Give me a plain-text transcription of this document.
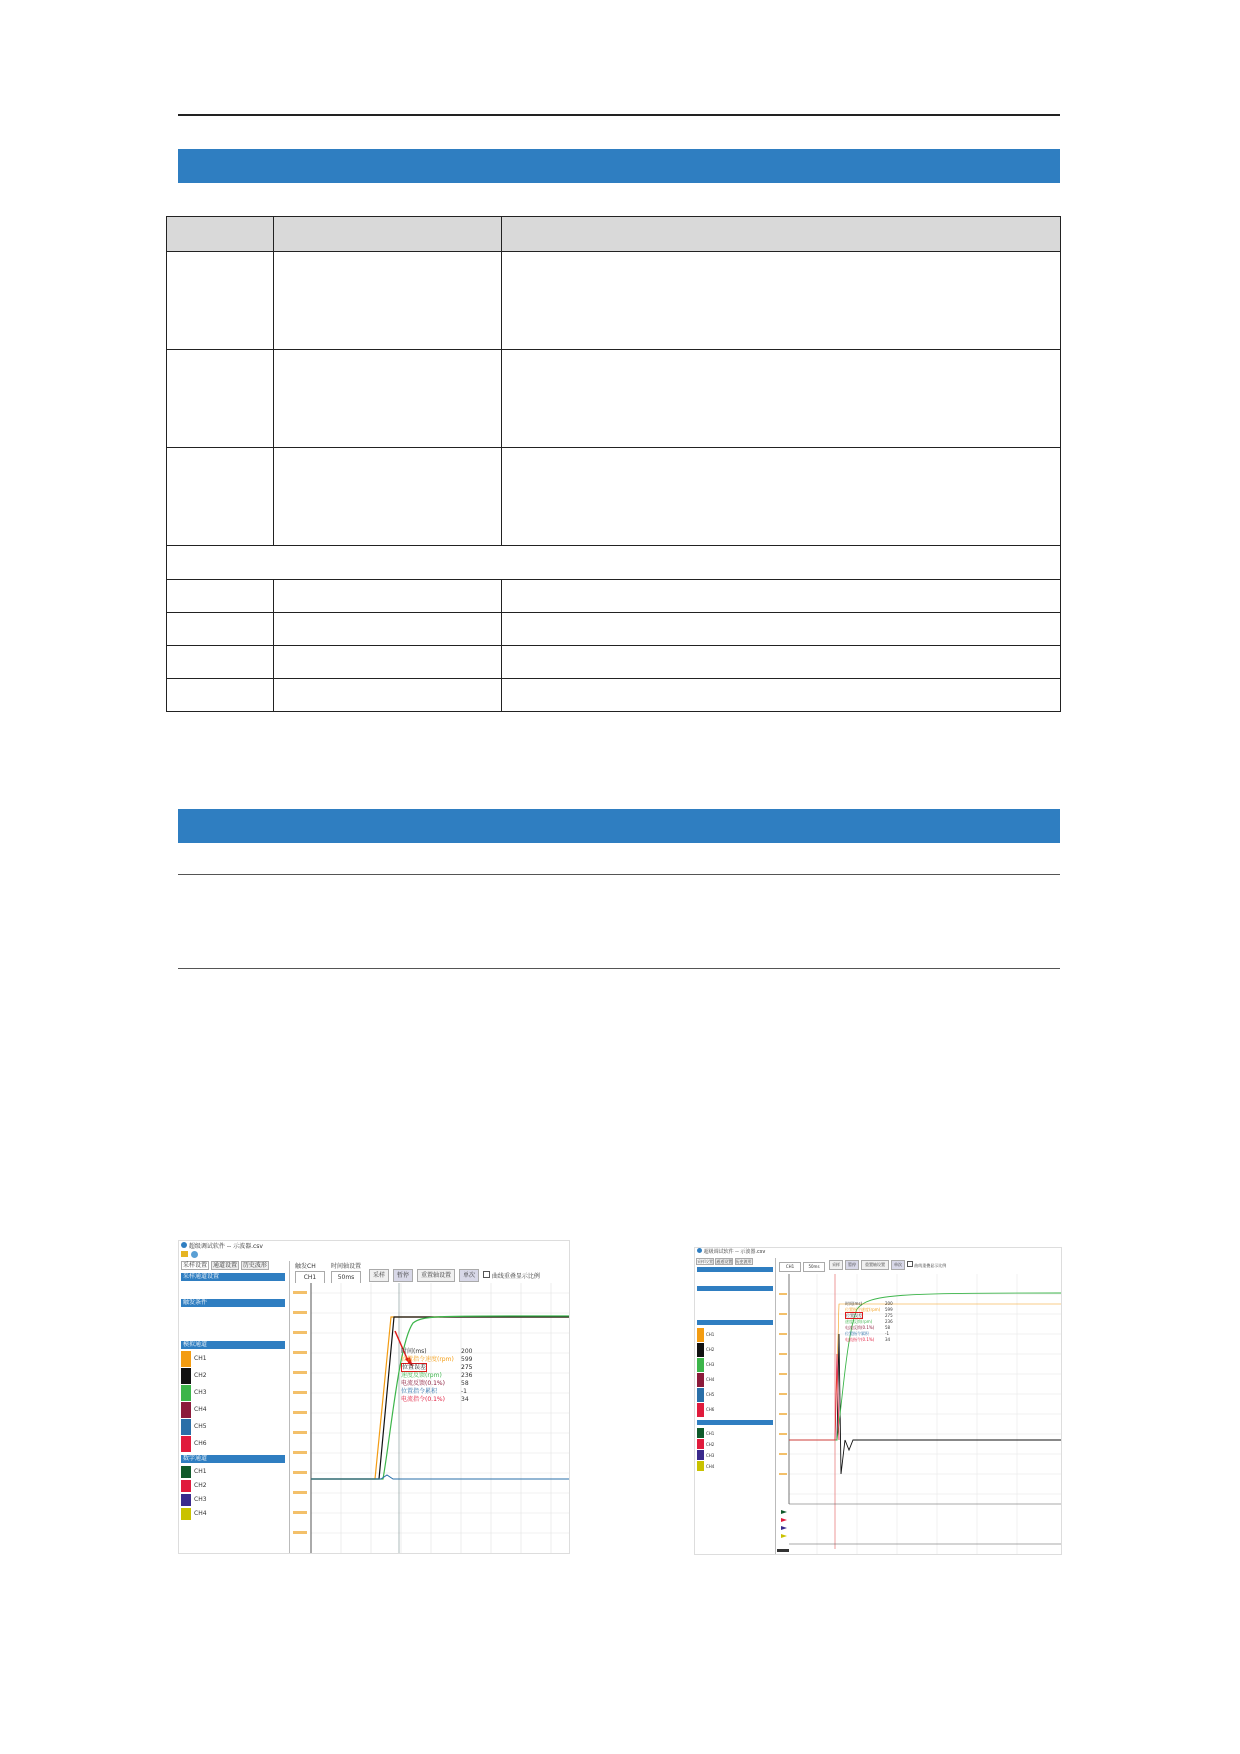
超级调试软件 -- 示波器.csv
采样设置 通道设置 历史波形
采样通道设置
触发条件
模拟通道
CH1
CH2
CH3
CH4
CH5
CH6
数字通道
CH1
CH2
CH3
CH4
触发CH
CH1
时间轴设置
50ms	采样	暂停	重置轴设置	单次	曲线重叠显示比例
时间(ms)	200
位置指令速度(rpm) 599
位置误差	275
速度反馈(rpm)	236
电流反馈(0.1%)	58
位置指令累积	-1
电流指令(0.1%)	34
超级调试软件 -- 示波器.csv
采样设置 通道设置 历史波形
CH1
CH2
CH3
CH4
CH5
CH6
CH1
CH2
CH3
CH4
CH1	50ms	采样	暂停	重置轴设置	单次	曲线重叠显示比例
时间(ms)	200
位置指令速度(rpm) 599
位置误差	275
速度反馈(rpm)	236
电流反馈(0.1%)	58
位置指令累积	-1
电流指令(0.1%)	34
